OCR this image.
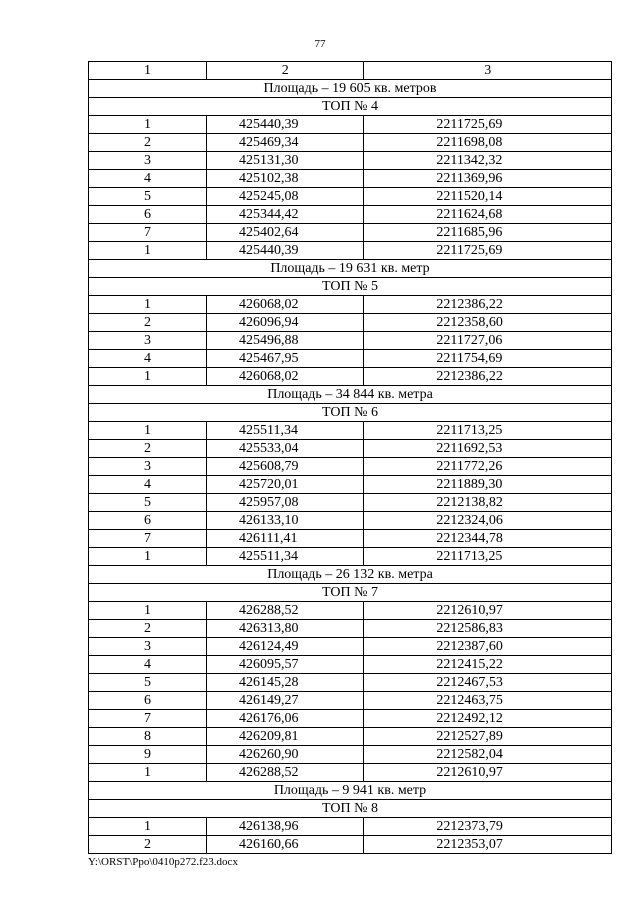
77
1	2	3
Площадь – 19 605 кв. метров		
ТОП № 4		
1	425440,39	2211725,69
2	425469,34	2211698,08
3	425131,30	2211342,32
4	425102,38	2211369,96
5	425245,08	2211520,14
6	425344,42	2211624,68
7	425402,64	2211685,96
1	425440,39	2211725,69
Площадь – 19 631 кв. метр		
ТОП № 5		
1	426068,02	2212386,22
2	426096,94	2212358,60
3	425496,88	2211727,06
4	425467,95	2211754,69
1	426068,02	2212386,22
Площадь – 34 844 кв. метра		
ТОП № 6		
1	425511,34	2211713,25
2	425533,04	2211692,53
3	425608,79	2211772,26
4	425720,01	2211889,30
5	425957,08	2212138,82
6	426133,10	2212324,06
7	426111,41	2212344,78
1	425511,34	2211713,25
Площадь – 26 132 кв. метра		
ТОП № 7		
1	426288,52	2212610,97
2	426313,80	2212586,83
3	426124,49	2212387,60
4	426095,57	2212415,22
5	426145,28	2212467,53
6	426149,27	2212463,75
7	426176,06	2212492,12
8	426209,81	2212527,89
9	426260,90	2212582,04
1	426288,52	2212610,97
Площадь – 9 941 кв. метр		
ТОП № 8		
1	426138,96	2212373,79
2	426160,66	2212353,07
Y:\ORST\Ppo\0410p272.f23.docx
